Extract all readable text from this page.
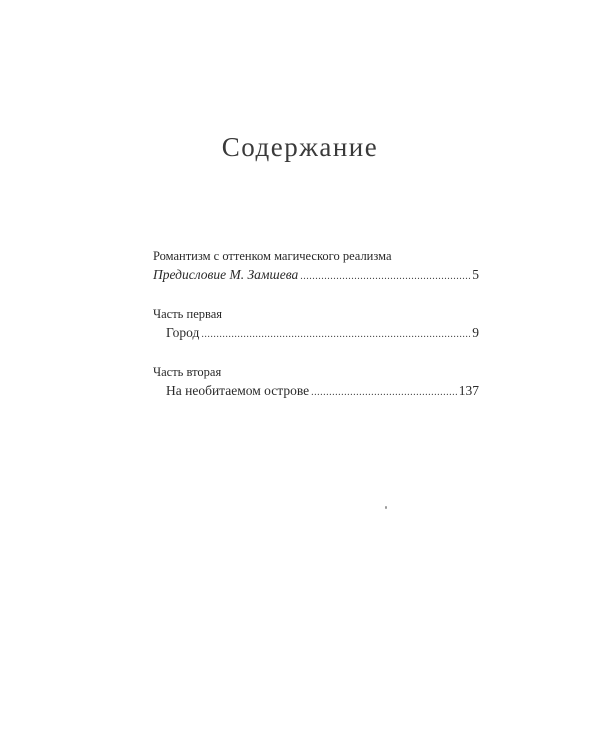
Содержание
Романтизм с оттенком магического реализма
Предисловие М. Замшева .....	5
Часть первая
Город .....	9
Часть вторая
На необитаемом острове .....	137
